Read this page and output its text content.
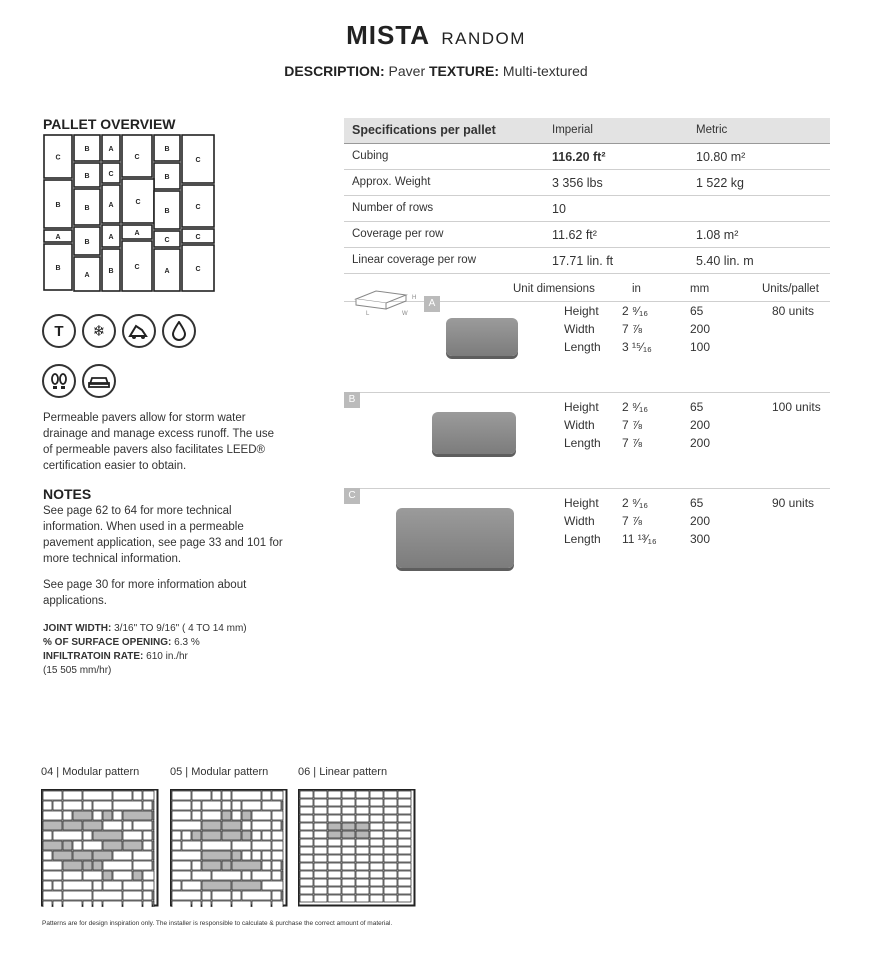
MISTA RANDOM
DESCRIPTION: Paver TEXTURE: Multi-textured
PALLET OVERVIEW
C
B	A
C
B
C
B	C	B
B	C
B	A
B
C
A
B
A
A
C	C
B
A
B
C
A	C
T	❄
Permeable pavers allow for storm water drainage and manage excess runoff. The use of permeable pavers also facilitates LEED® certification easier to obtain.
NOTES
See page 62 to 64 for more technical information. When used in a permeable pavement application, see page 33 and 101 for more technical information.
See page 30 for more information about applications.
JOINT WIDTH: 3/16" TO 9/16" ( 4 TO 14 mm)
% OF SURFACE OPENING: 6.3 %
INFILTRATOIN RATE: 610 in./hr
(15 505 mm/hr)
Specifications per pallet	Imperial	Metric
Cubing	116.20 ft²	10.80 m²
Approx. Weight	3 356 lbs	1 522 kg
Number of rows	10
Coverage per row	11.62 ft²	1.08 m²
Linear coverage per row	17.71 lin. ft	5.40 lin. m
H
L	W
Unit dimensions	in	mm	Units/pallet
A
Height 2 ⁹⁄₁₆	65
Width 7 ⅞	200
Length 3 ¹⁵⁄₁₆	100
80 units
B
Height 2 ⁹⁄₁₆	65
Width 7 ⅞	200
Length 7 ⅞	200
100 units
C
Height 2 ⁹⁄₁₆	65
Width 7 ⅞	200
Length 11 ¹³⁄₁₆	300
90 units
04 | Modular pattern	05 | Modular pattern	06 | Linear pattern
Patterns are for design inspiration only. The installer is responsible to calculate & purchase the correct amount of material.
